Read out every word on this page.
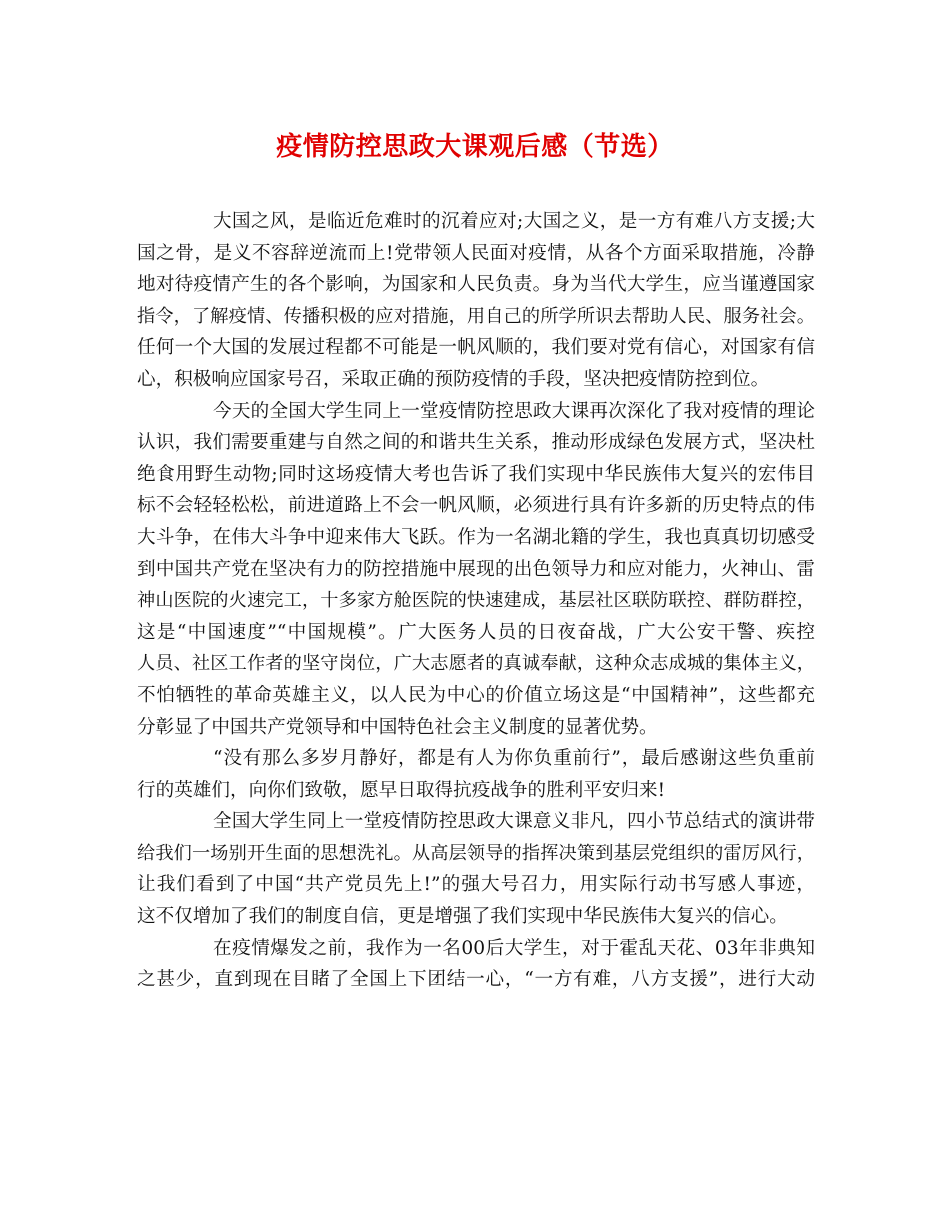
疫情防控思政大课观后感（节选）
大国之风，是临近危难时的沉着应对;大国之义，是一方有难八方支援;大
国之骨，是义不容辞逆流而上!党带领人民面对疫情，从各个方面采取措施，冷静
地对待疫情产生的各个影响，为国家和人民负责。身为当代大学生，应当谨遵国家
指令，了解疫情、传播积极的应对措施，用自己的所学所识去帮助人民、服务社会。
任何一个大国的发展过程都不可能是一帆风顺的，我们要对党有信心，对国家有信
心，积极响应国家号召，采取正确的预防疫情的手段，坚决把疫情防控到位。
今天的全国大学生同上一堂疫情防控思政大课再次深化了我对疫情的理论
认识，我们需要重建与自然之间的和谐共生关系，推动形成绿色发展方式，坚决杜
绝食用野生动物;同时这场疫情大考也告诉了我们实现中华民族伟大复兴的宏伟目
标不会轻轻松松，前进道路上不会一帆风顺，必须进行具有许多新的历史特点的伟
大斗争，在伟大斗争中迎来伟大飞跃。作为一名湖北籍的学生，我也真真切切感受
到中国共产党在坚决有力的防控措施中展现的出色领导力和应对能力，火神山、雷
神山医院的火速完工，十多家方舱医院的快速建成，基层社区联防联控、群防群控，
这是“中国速度”“中国规模”。广大医务人员的日夜奋战，广大公安干警、疾控
人员、社区工作者的坚守岗位，广大志愿者的真诚奉献，这种众志成城的集体主义，
不怕牺牲的革命英雄主义，以人民为中心的价值立场这是“中国精神”，这些都充
分彰显了中国共产党领导和中国特色社会主义制度的显著优势。
“没有那么多岁月静好，都是有人为你负重前行”，最后感谢这些负重前
行的英雄们，向你们致敬，愿早日取得抗疫战争的胜利平安归来!
全国大学生同上一堂疫情防控思政大课意义非凡，四小节总结式的演讲带
给我们一场别开生面的思想洗礼。从高层领导的指挥决策到基层党组织的雷厉风行，
让我们看到了中国“共产党员先上!”的强大号召力，用实际行动书写感人事迹，
这不仅增加了我们的制度自信，更是增强了我们实现中华民族伟大复兴的信心。
在疫情爆发之前，我作为一名00后大学生，对于霍乱天花、03年非典知
之甚少，直到现在目睹了全国上下团结一心，“一方有难，八方支援”，进行大动
